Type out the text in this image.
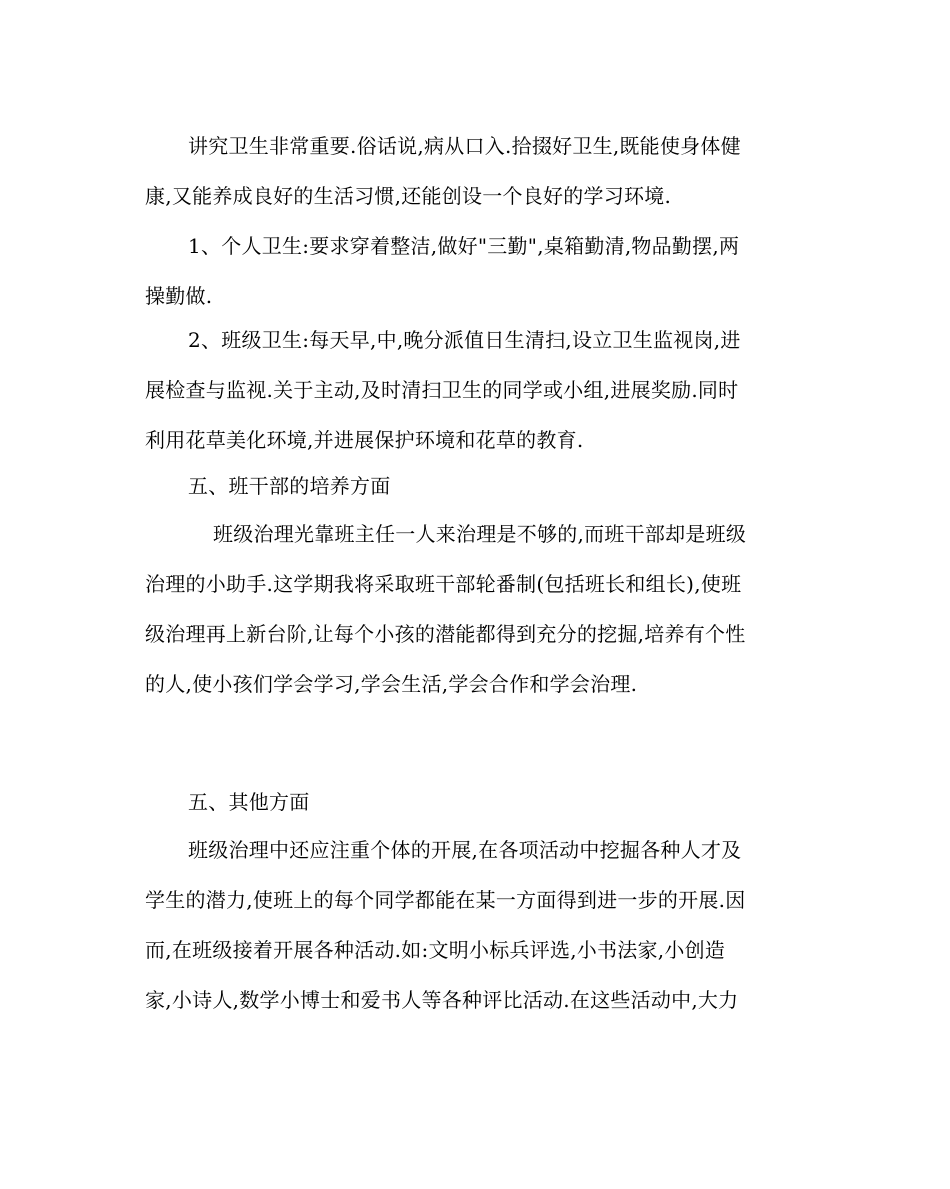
讲究卫生非常重要.俗话说,病从口入.拾掇好卫生,既能使身体健
康,又能养成良好的生活习惯,还能创设一个良好的学习环境.
1、个人卫生:要求穿着整洁,做好"三勤",桌箱勤清,物品勤摆,两
操勤做.
2、班级卫生:每天早,中,晚分派值日生清扫,设立卫生监视岗,进
展检查与监视.关于主动,及时清扫卫生的同学或小组,进展奖励.同时
利用花草美化环境,并进展保护环境和花草的教育.
五、班干部的培养方面
班级治理光靠班主任一人来治理是不够的,而班干部却是班级
治理的小助手.这学期我将采取班干部轮番制(包括班长和组长),使班
级治理再上新台阶,让每个小孩的潜能都得到充分的挖掘,培养有个性
的人,使小孩们学会学习,学会生活,学会合作和学会治理.
五、其他方面
班级治理中还应注重个体的开展,在各项活动中挖掘各种人才及
学生的潜力,使班上的每个同学都能在某一方面得到进一步的开展.因
而,在班级接着开展各种活动.如:文明小标兵评选,小书法家,小创造
家,小诗人,数学小博士和爱书人等各种评比活动.在这些活动中,大力
